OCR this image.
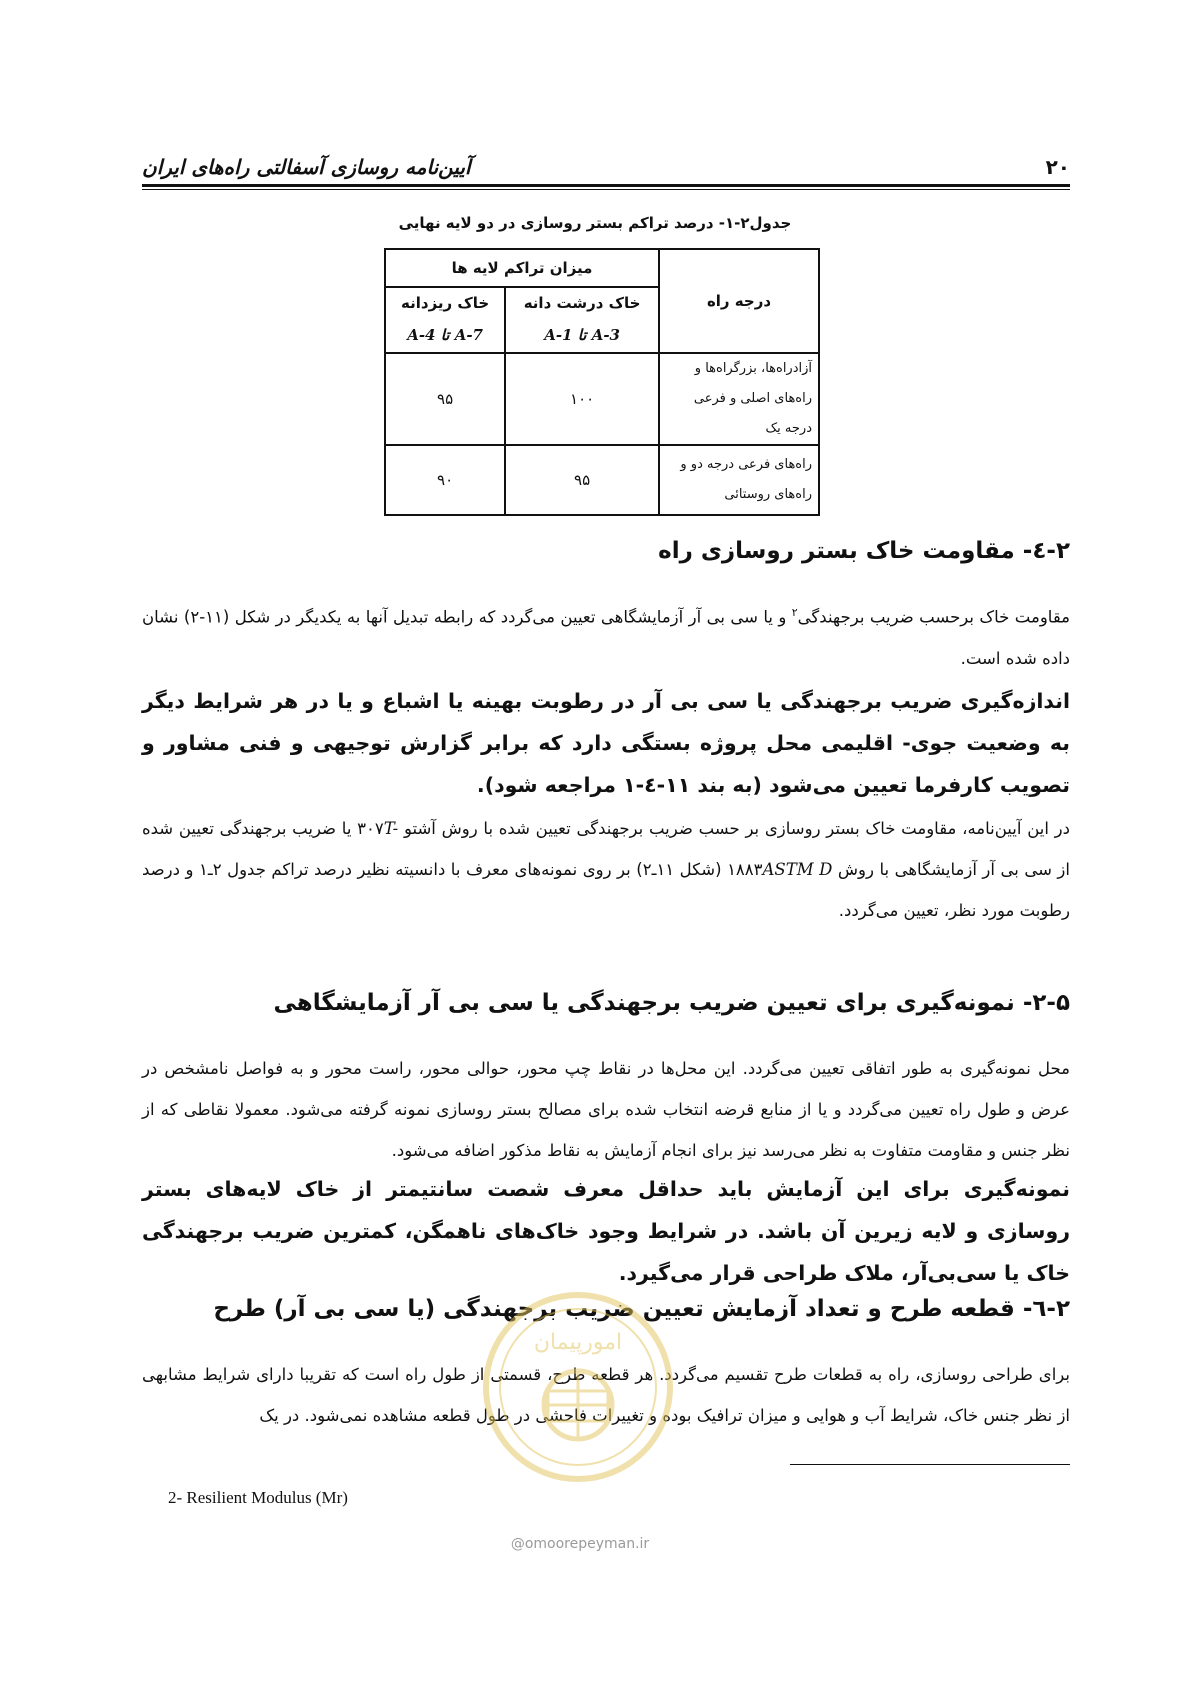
۲۰
آیین‌نامه روسازی آسفالتی راه‌های ایران
جدول۲-۱- درصد تراکم بستر روسازی در دو لایه نهایی
درجه راه	میزان تراکم لایه ها	
	خاک درشت دانه	خاک ریزدانه
	A-1 تا A-3	A-4 تا A-7
آزادراه‌ها، بزرگراه‌ها و راه‌های اصلی و فرعی درجه یک	۱۰۰	۹۵
راه‌های فرعی درجه دو و راه‌های روستائی	۹۵	۹۰
۲-٤- مقاومت خاک بستر روسازی راه
مقاومت خاک برحسب ضریب برجهندگی$^۲$ و یا سی بی آر آزمایشگاهی تعیین می‌گردد که رابطه تبدیل آنها به یکدیگر در شکل (۱۱-۲) نشان داده شده است.
اندازه‌گیری ضریب برجهندگی یا سی بی آر در رطوبت بهینه یا اشباع و یا در هر شرایط دیگر به وضعیت جوی- اقلیمی محل پروژه بستگی دارد که برابر گزارش توجیهی و فنی مشاور و تصویب کارفرما تعیین می‌شود (به بند ۱۱-٤-۱ مراجعه شود).
در این آیین‌نامه، مقاومت خاک بستر روسازی بر حسب ضریب برجهندگی تعیین شده با روش آشتو T-۳۰۷ یا ضریب برجهندگی تعیین شده از سی بی آر آزمایشگاهی با روش ASTM D۱۸۸۳ (شکل ۱۱ـ۲) بر روی نمونه‌های معرف با دانسیته نظیر درصد تراکم جدول ۲ـ۱ و درصد رطوبت مورد نظر، تعیین می‌گردد.
۲-۵- نمونه‌گیری برای تعیین ضریب برجهندگی یا سی بی آر آزمایشگاهی
محل نمونه‌گیری به طور اتفاقی تعیین می‌گردد. این محل‌ها در نقاط چپ محور، حوالی محور، راست محور و به فواصل نامشخص در عرض و طول راه تعیین می‌گردد و یا از منابع قرضه انتخاب شده برای مصالح بستر روسازی نمونه گرفته می‌شود. معمولا نقاطی که از نظر جنس و مقاومت متفاوت به نظر می‌رسد نیز برای انجام آزمایش به نقاط مذکور اضافه می‌شود.
نمونه‌گیری برای این آزمایش باید حداقل معرف شصت سانتیمتر از خاک لایه‌های بستر روسازی و لایه زیرین آن باشد. در شرایط وجود خاک‌های ناهمگن، کمترین ضریب برجهندگی خاک یا سی‌بی‌آر، ملاک طراحی قرار می‌گیرد.
۲-٦- قطعه طرح و تعداد آزمایش تعیین ضریب برجهندگی (یا سی بی آر) طرح
برای طراحی روسازی، راه به قطعات طرح تقسیم می‌گردد. هر قطعه طرح، قسمتی از طول راه است که تقریبا دارای شرایط مشابهی از نظر جنس خاک، شرایط آب و هوایی و میزان ترافیک بوده و تغییرات فاحشی در طول قطعه مشاهده نمی‌شود. در یک
2- Resilient Modulus (Mr)
امورپیمان
@omoorepeyman.ir
